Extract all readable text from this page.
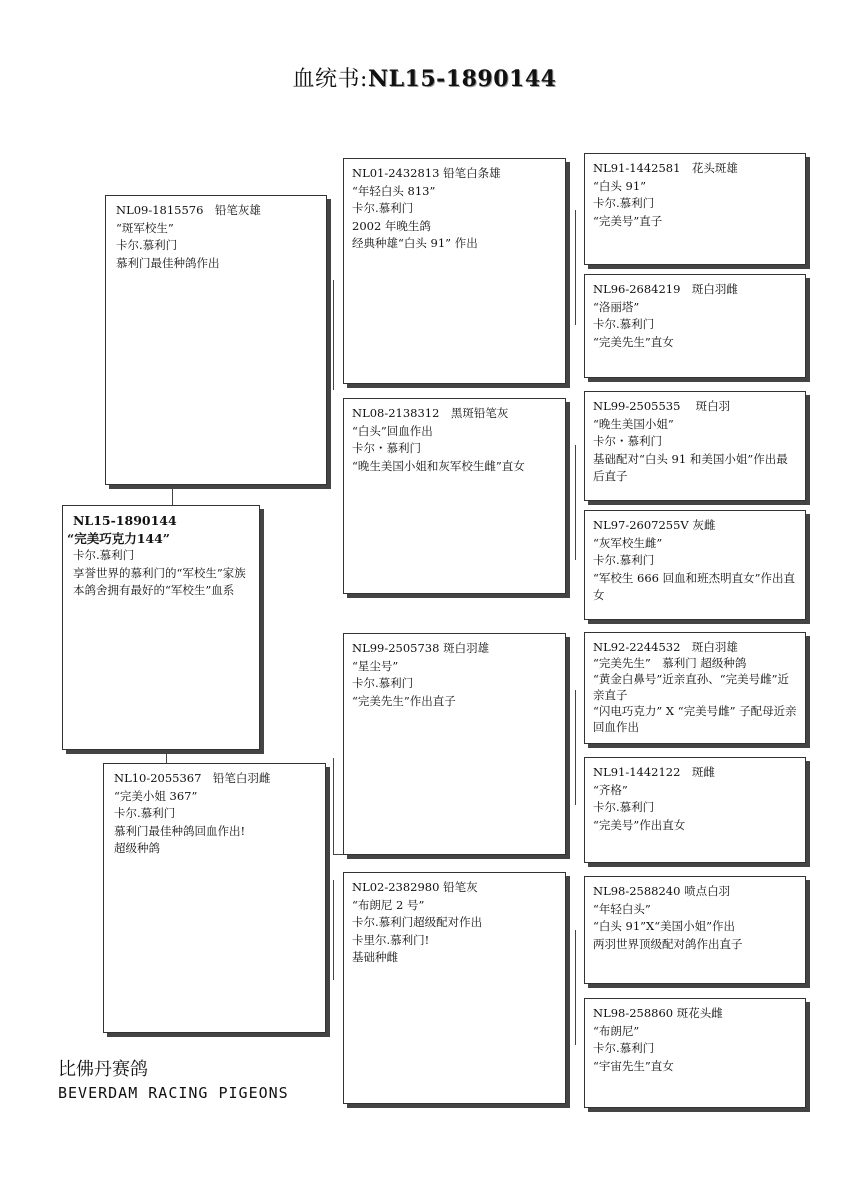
血统书:NL15-1890144
NL09-1815576　铅笔灰雄
“斑军校生”
卡尔.慕利门
慕利门最佳种鸽作出
NL15-1890144
“完美巧克力144”
卡尔.慕利门
享誉世界的慕利门的“军校生”家族
本鸽舍拥有最好的“军校生”血系
NL10-2055367　铅笔白羽雌
“完美小姐 367”
卡尔.慕利门
慕利门最佳种鸽回血作出!
超级种鸽
NL01-2432813 铅笔白条雄
“年轻白头 813”
卡尔.慕利门
2002 年晚生鸽
经典种雄“白头 91” 作出
NL08-2138312　黑斑铅笔灰
“白头”回血作出
卡尔・慕利门
“晚生美国小姐和灰军校生雌”直女
NL99-2505738 斑白羽雄
“星尘号”
卡尔.慕利门
“完美先生”作出直子
NL02-2382980 铅笔灰
“布朗尼 2 号”
卡尔.慕利门超级配对作出
卡里尔.慕利门!
基础种雌
NL91-1442581　花头斑雄
“白头 91”
卡尔.慕利门
“完美号”直子
NL96-2684219　斑白羽雌
“洛丽塔”
卡尔.慕利门
“完美先生”直女
NL99-2505535　 斑白羽
“晚生美国小姐”
卡尔・慕利门
基础配对“白头 91 和美国小姐”作出最后直子
NL97-2607255V 灰雌
“灰军校生雌”
卡尔.慕利门
“军校生 666 回血和班杰明直女”作出直女
NL92-2244532　斑白羽雄
“完美先生”　慕利门 超级种鸽
“黄金白鼻号”近亲直孙、“完美号雌”近亲直子
“闪电巧克力” X “完美号雌” 子配母近亲回血作出
NL91-1442122　斑雌
“齐格”
卡尔.慕利门
“完美号”作出直女
NL98-2588240 喷点白羽
“年轻白头”
“白头 91”X“美国小姐”作出
两羽世界顶级配对鸽作出直子
NL98-258860 斑花头雌
“布朗尼”
卡尔.慕利门
“宇宙先生”直女
比佛丹赛鸽
BEVERDAM RACING PIGEONS
